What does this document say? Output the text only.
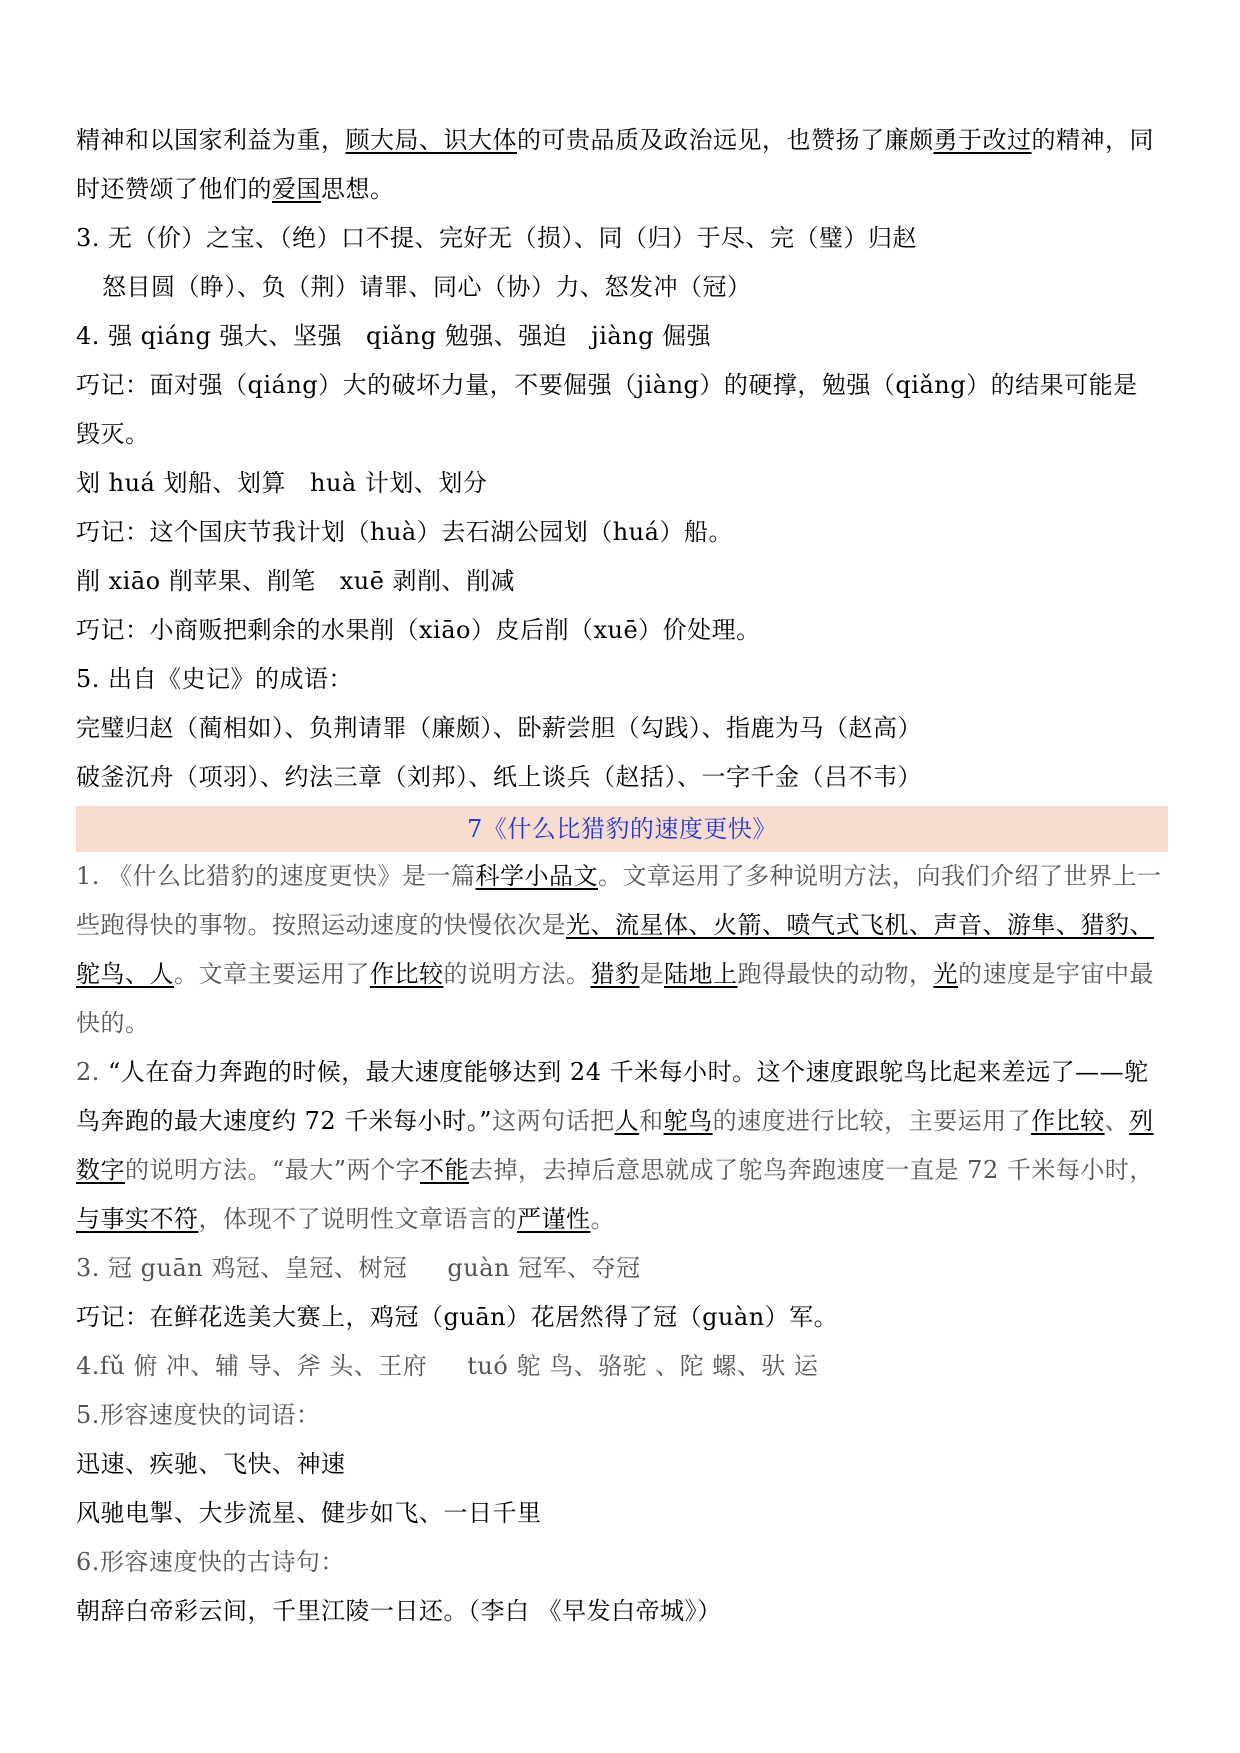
精神和以国家利益为重，顾大局、识大体的可贵品质及政治远见，也赞扬了廉颇勇于改过的精神，同
时还赞颂了他们的爱国思想。
3. 无（价）之宝、（绝）口不提、完好无（损）、同（归）于尽、完（璧）归赵
怒目圆（睁）、负（荆）请罪、同心（协）力、怒发冲（冠）
4. 强 qiáng 强大、坚强 qiǎng 勉强、强迫 jiàng 倔强
巧记：面对强（qiáng）大的破坏力量，不要倔强（jiàng）的硬撑，勉强（qiǎng）的结果可能是
毁灭。
划 huá 划船、划算 huà 计划、划分
巧记：这个国庆节我计划（huà）去石湖公园划（huá）船。
削 xiāo 削苹果、削笔 xuē 剥削、削减
巧记：小商贩把剩余的水果削（xiāo）皮后削（xuē）价处理。
5. 出自《史记》的成语：
完璧归赵（蔺相如）、负荆请罪（廉颇）、卧薪尝胆（勾践）、指鹿为马（赵高）
破釜沉舟（项羽）、约法三章（刘邦）、纸上谈兵（赵括）、一字千金（吕不韦）
7《什么比猎豹的速度更快》
1. 《什么比猎豹的速度更快》是一篇科学小品文。文章运用了多种说明方法，向我们介绍了世界上一些跑得快的事物。按照运动速度的快慢依次是光、流星体、火箭、喷气式飞机、声音、游隼、猎豹、鸵鸟、人。文章主要运用了作比较的说明方法。猎豹是陆地上跑得最快的动物，光的速度是宇宙中最快的。
2. “人在奋力奔跑的时候，最大速度能够达到 24 千米每小时。这个速度跟鸵鸟比起来差远了——鸵鸟奔跑的最大速度约 72 千米每小时。”这两句话把人和鸵鸟的速度进行比较，主要运用了作比较、列数字的说明方法。“最大”两个字不能去掉，去掉后意思就成了鸵鸟奔跑速度一直是 72 千米每小时，与事实不符，体现不了说明性文章语言的严谨性。
3. 冠 guān 鸡冠、皇冠、树冠 guàn 冠军、夺冠
巧记：在鲜花选美大赛上，鸡冠（guān）花居然得了冠（guàn）军。
4.fǔ 俯 冲、辅 导、斧 头、王府 tuó 鸵 鸟、骆驼 、陀 螺、驮 运
5.形容速度快的词语：
迅速、疾驰、飞快、神速
风驰电掣、大步流星、健步如飞、一日千里
6.形容速度快的古诗句：
朝辞白帝彩云间，千里江陵一日还。（李白 《早发白帝城》）
